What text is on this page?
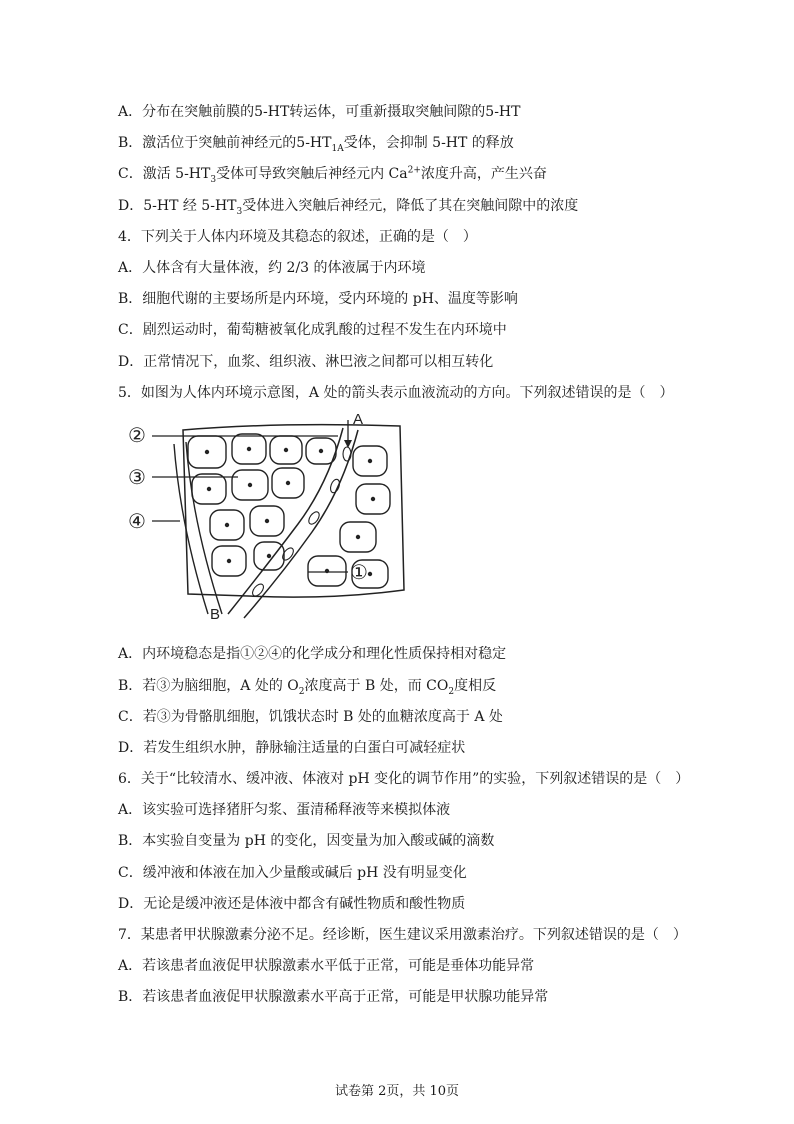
A．分布在突触前膜的5-HT转运体，可重新摄取突触间隙的5-HT
B．激活位于突触前神经元的$5-HT_{1A}$受体，会抑制 5-HT 的释放
C．激活 $5-HT_3$受体可导致突触后神经元内 $Ca^{2+}$浓度升高，产生兴奋
D．5-HT 经 $5-HT_3$受体进入突触后神经元，降低了其在突触间隙中的浓度
4．下列关于人体内环境及其稳态的叙述，正确的是（　）
A．人体含有大量体液，约 2/3 的体液属于内环境
B．细胞代谢的主要场所是内环境，受内环境的 pH、温度等影响
C．剧烈运动时，葡萄糖被氧化成乳酸的过程不发生在内环境中
D．正常情况下，血浆、组织液、淋巴液之间都可以相互转化
5．如图为人体内环境示意图，A 处的箭头表示血液流动的方向。下列叙述错误的是（　）
②
③
④
①
A
B
A．内环境稳态是指①②④的化学成分和理化性质保持相对稳定
B．若③为脑细胞，A 处的 $O_2$浓度高于 B 处，而 $CO_2$度相反
C．若③为骨骼肌细胞，饥饿状态时 B 处的血糖浓度高于 A 处
D．若发生组织水肿，静脉输注适量的白蛋白可减轻症状
6．关于“比较清水、缓冲液、体液对 pH 变化的调节作用”的实验，下列叙述错误的是（　）
A．该实验可选择猪肝匀浆、蛋清稀释液等来模拟体液
B．本实验自变量为 pH 的变化，因变量为加入酸或碱的滴数
C．缓冲液和体液在加入少量酸或碱后 pH 没有明显变化
D．无论是缓冲液还是体液中都含有碱性物质和酸性物质
7．某患者甲状腺激素分泌不足。经诊断，医生建议采用激素治疗。下列叙述错误的是（　）
A．若该患者血液促甲状腺激素水平低于正常，可能是垂体功能异常
B．若该患者血液促甲状腺激素水平高于正常，可能是甲状腺功能异常
试卷第 2页，共 10页
